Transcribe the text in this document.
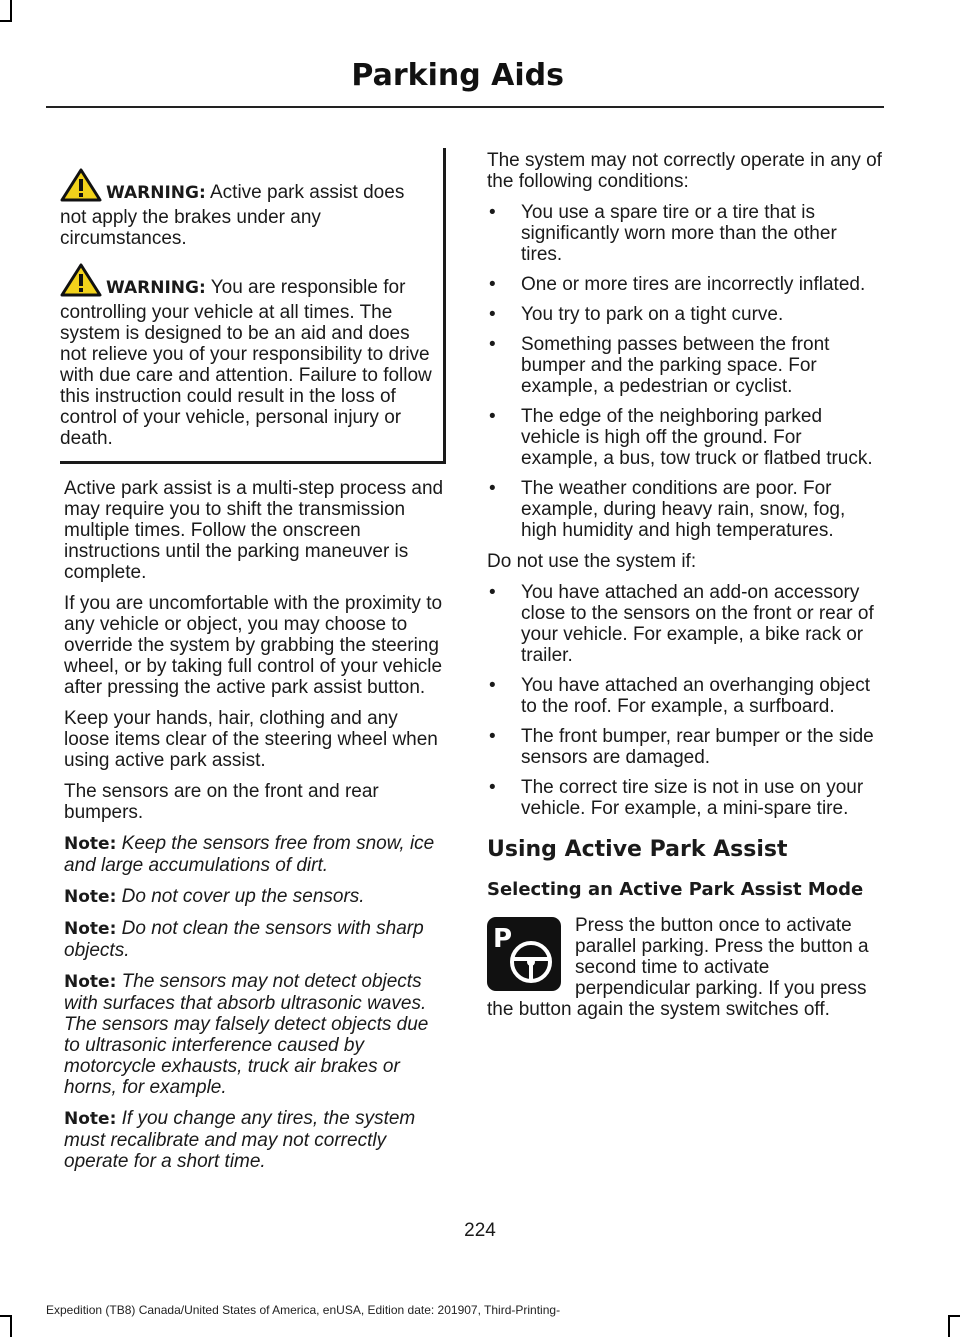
Parking Aids
WARNING: Active park assist does not apply the brakes under any circumstances.
WARNING: You are responsible for controlling your vehicle at all times. The system is designed to be an aid and does not relieve you of your responsibility to drive with due care and attention. Failure to follow this instruction could result in the loss of control of your vehicle, personal injury or death.

Active park assist is a multi-step process and may require you to shift the transmission multiple times. Follow the onscreen instructions until the parking maneuver is complete.

If you are uncomfortable with the proximity to any vehicle or object, you may choose to override the system by grabbing the steering wheel, or by taking full control of your vehicle after pressing the active park assist button.

Keep your hands, hair, clothing and any loose items clear of the steering wheel when using active park assist.

The sensors are on the front and rear bumpers.

Note: Keep the sensors free from snow, ice and large accumulations of dirt.

Note: Do not cover up the sensors.

Note: Do not clean the sensors with sharp objects.

Note: The sensors may not detect objects with surfaces that absorb ultrasonic waves. The sensors may falsely detect objects due to ultrasonic interference caused by motorcycle exhausts, truck air brakes or horns, for example.

Note: If you change any tires, the system must recalibrate and may not correctly operate for a short time.

The system may not correctly operate in any of the following conditions:

• You use a spare tire or a tire that is significantly worn more than the other tires.
• One or more tires are incorrectly inflated.
• You try to park on a tight curve.
• Something passes between the front bumper and the parking space. For example, a pedestrian or cyclist.
• The edge of the neighboring parked vehicle is high off the ground. For example, a bus, tow truck or flatbed truck.
• The weather conditions are poor. For example, during heavy rain, snow, fog, high humidity and high temperatures.

Do not use the system if:

• You have attached an add-on accessory close to the sensors on the front or rear of your vehicle. For example, a bike rack or trailer.
• You have attached an overhanging object to the roof. For example, a surfboard.
• The front bumper, rear bumper or the side sensors are damaged.
• The correct tire size is not in use on your vehicle. For example, a mini-spare tire.
Using Active Park Assist
Selecting an Active Park Assist Mode
P	Press the button once to activate parallel parking. Press the button a second time to activate perpendicular parking. If you press the button again the system switches off.

224
Expedition (TB8) Canada/United States of America, enUSA, Edition date: 201907, Third-Printing-
